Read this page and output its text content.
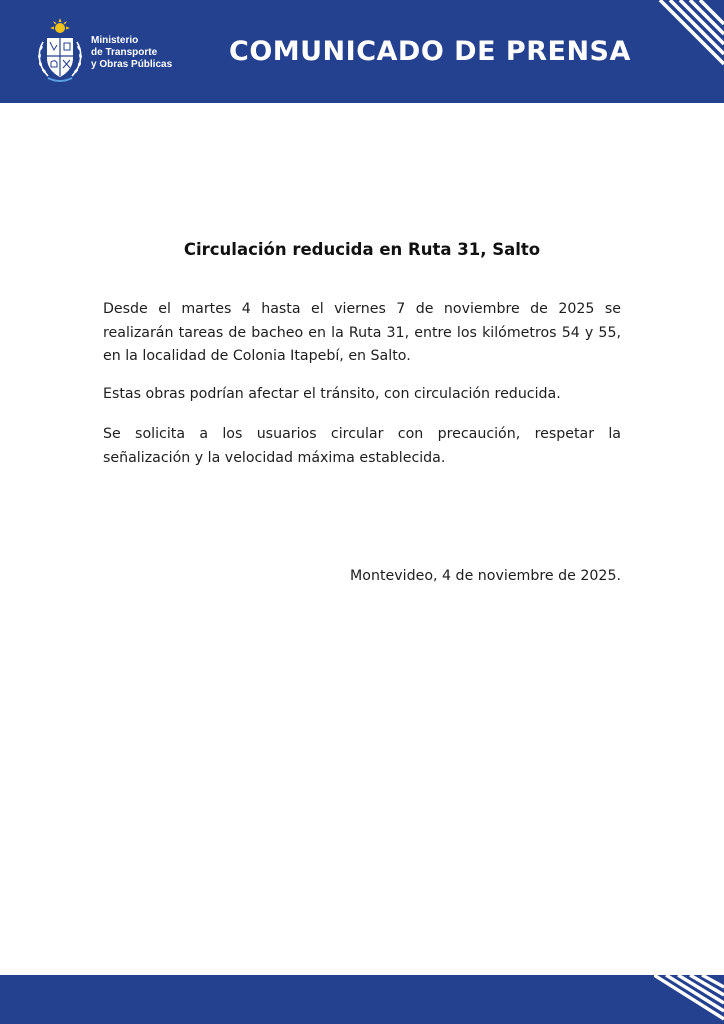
Ministerio
de Transporte
y Obras Públicas COMUNICADO DE PRENSA
Circulación reducida en Ruta 31, Salto

Desde el martes 4 hasta el viernes 7 de noviembre de 2025 se realizarán tareas de bacheo en la Ruta 31, entre los kilómetros 54 y 55, en la localidad de Colonia Itapebí, en Salto.

Estas obras podrían afectar el tránsito, con circulación reducida.

Se solicita a los usuarios circular con precaución, respetar la señalización y la velocidad máxima establecida.

Montevideo, 4 de noviembre de 2025.
